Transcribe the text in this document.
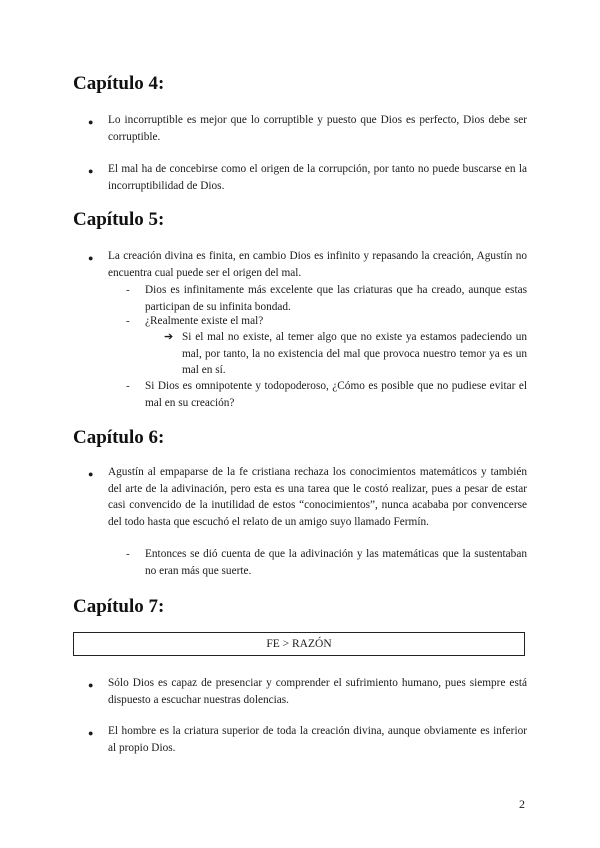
Capítulo 4:
● Lo incorruptible es mejor que lo corruptible y puesto que Dios es perfecto, Dios debe ser corruptible.

● El mal ha de concebirse como el origen de la corrupción, por tanto no puede buscarse en la incorruptibilidad de Dios.

Capítulo 5:
● La creación divina es finita, en cambio Dios es infinito y repasando la creación, Agustín no encuentra cual puede ser el origen del mal.

- Dios es infinitamente más excelente que las criaturas que ha creado, aunque estas participan de su infinita bondad.

- ¿Realmente existe el mal?

➔ Si el mal no existe, al temer algo que no existe ya estamos padeciendo un mal, por tanto, la no existencia del mal que provoca nuestro temor ya es un mal en sí.

- Si Dios es omnipotente y todopoderoso, ¿Cómo es posible que no pudiese evitar el mal en su creación?

Capítulo 6:
● Agustín al empaparse de la fe cristiana rechaza los conocimientos matemáticos y también del arte de la adivinación, pero esta es una tarea que le costó realizar, pues a pesar de estar casi convencido de la inutilidad de estos “conocimientos”, nunca acababa por convencerse del todo hasta que escuchó el relato de un amigo suyo llamado Fermín.

- Entonces se dió cuenta de que la adivinación y las matemáticas que la sustentaban no eran más que suerte.

Capítulo 7:
FE > RAZÓN
● Sólo Dios es capaz de presenciar y comprender el sufrimiento humano, pues siempre está dispuesto a escuchar nuestras dolencias.

● El hombre es la criatura superior de toda la creación divina, aunque obviamente es inferior al propio Dios.

2
